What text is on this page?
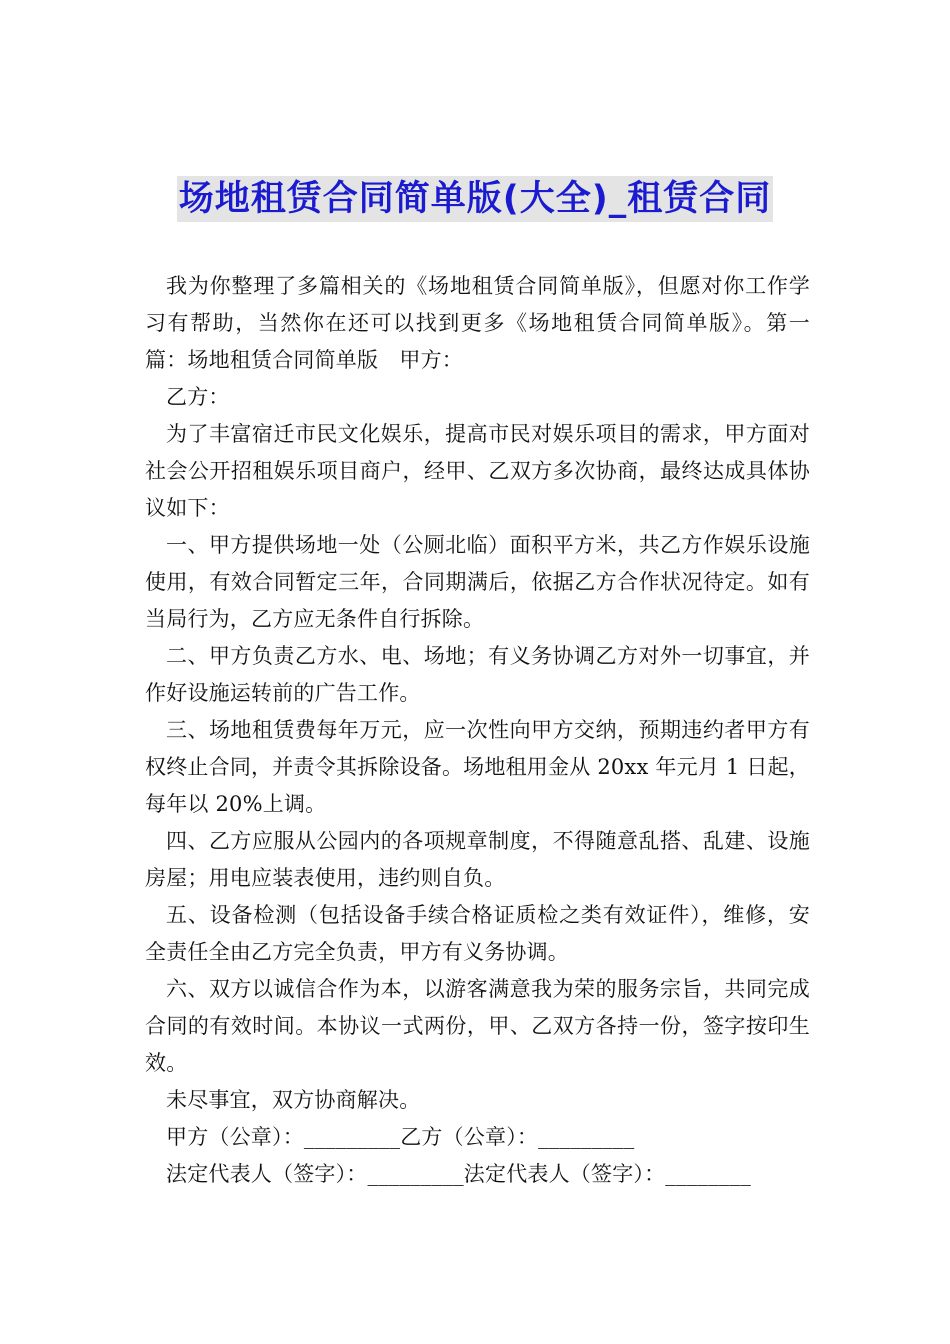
场地租赁合同简单版(大全)_租赁合同

我为你整理了多篇相关的《场地租赁合同简单版》，但愿对你工作学习有帮助，当然你在还可以找到更多《场地租赁合同简单版》。第一篇：场地租赁合同简单版　甲方：

乙方：

为了丰富宿迁市民文化娱乐，提高市民对娱乐项目的需求，甲方面对社会公开招租娱乐项目商户，经甲、乙双方多次协商，最终达成具体协议如下：

一、甲方提供场地一处（公厕北临）面积平方米，共乙方作娱乐设施使用，有效合同暂定三年，合同期满后，依据乙方合作状况待定。如有当局行为，乙方应无条件自行拆除。

二、甲方负责乙方水、电、场地；有义务协调乙方对外一切事宜，并作好设施运转前的广告工作。

三、场地租赁费每年万元，应一次性向甲方交纳，预期违约者甲方有权终止合同，并责令其拆除设备。场地租用金从 20xx 年元月 1 日起，每年以 20%上调。

四、乙方应服从公园内的各项规章制度，不得随意乱搭、乱建、设施房屋；用电应装表使用，违约则自负。

五、设备检测（包括设备手续合格证质检之类有效证件），维修，安全责任全由乙方完全负责，甲方有义务协调。

六、双方以诚信合作为本，以游客满意我为荣的服务宗旨，共同完成合同的有效时间。本协议一式两份，甲、乙双方各持一份，签字按印生效。

未尽事宜，双方协商解决。

甲方（公章）：_________乙方（公章）：_________

法定代表人（签字）：_________法定代表人（签字）：________
